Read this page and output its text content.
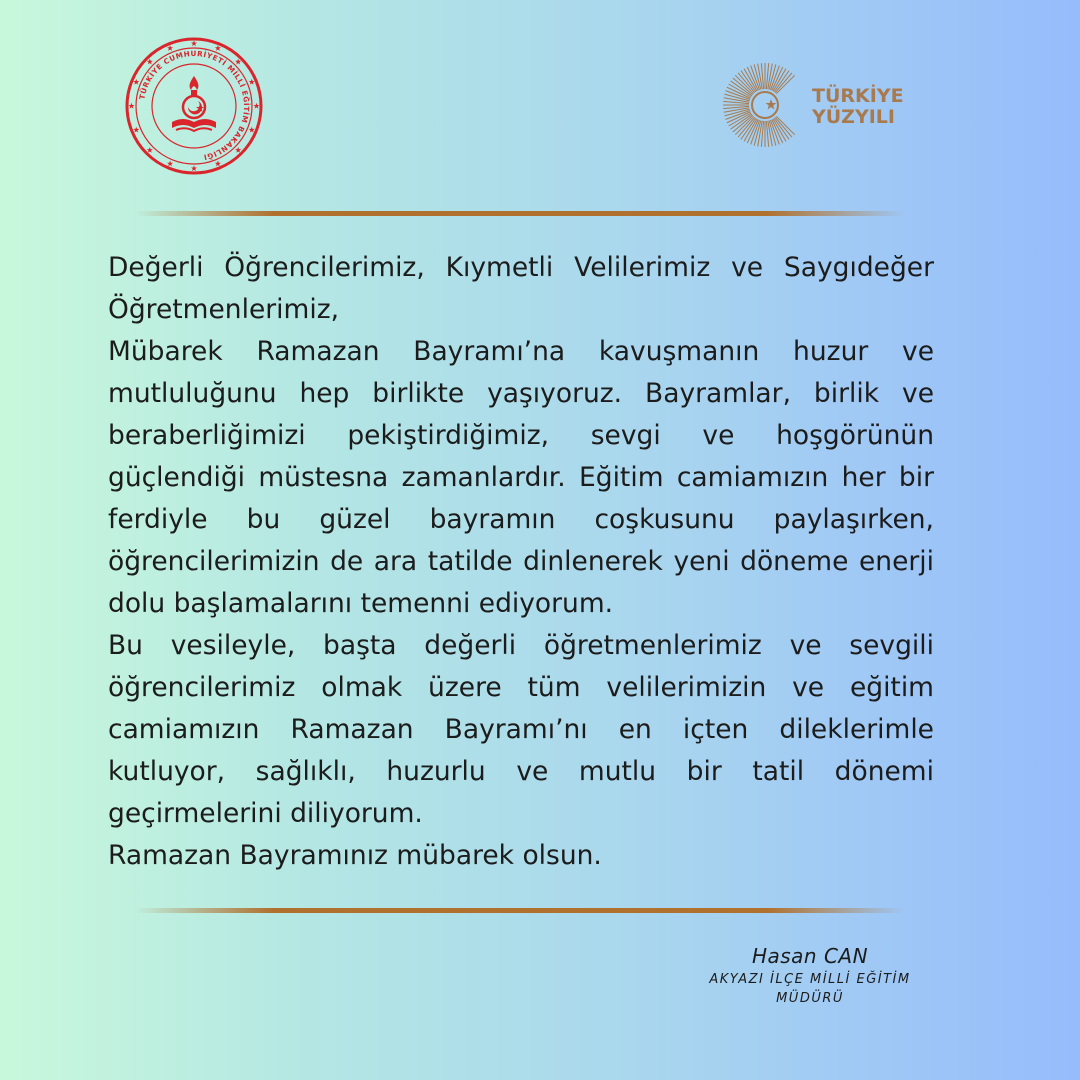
TÜRKİYE CUMHURİYETİ MİLLİ EĞİTİM BAKANLIĞI
TÜRKİYE
YÜZYILI

Değerli Öğrencilerimiz, Kıymetli Velilerimiz ve Saygıdeğer Öğretmenlerimiz,

Mübarek Ramazan Bayramı’na kavuşmanın huzur ve mutluluğunu hep birlikte yaşıyoruz. Bayramlar, birlik ve beraberliğimizi pekiştirdiğimiz, sevgi ve hoşgörünün güçlendiği müstesna zamanlardır. Eğitim camiamızın her bir ferdiyle bu güzel bayramın coşkusunu paylaşırken, öğrencilerimizin de ara tatilde dinlenerek yeni döneme enerji dolu başlamalarını temenni ediyorum.

Bu vesileyle, başta değerli öğretmenlerimiz ve sevgili öğrencilerimiz olmak üzere tüm velilerimizin ve eğitim camiamızın Ramazan Bayramı’nı en içten dileklerimle kutluyor, sağlıklı, huzurlu ve mutlu bir tatil dönemi geçirmelerini diliyorum.

Ramazan Bayramınız mübarek olsun.

Hasan CAN
AKYAZI İLÇE MİLLİ EĞİTİM
MÜDÜRÜ
